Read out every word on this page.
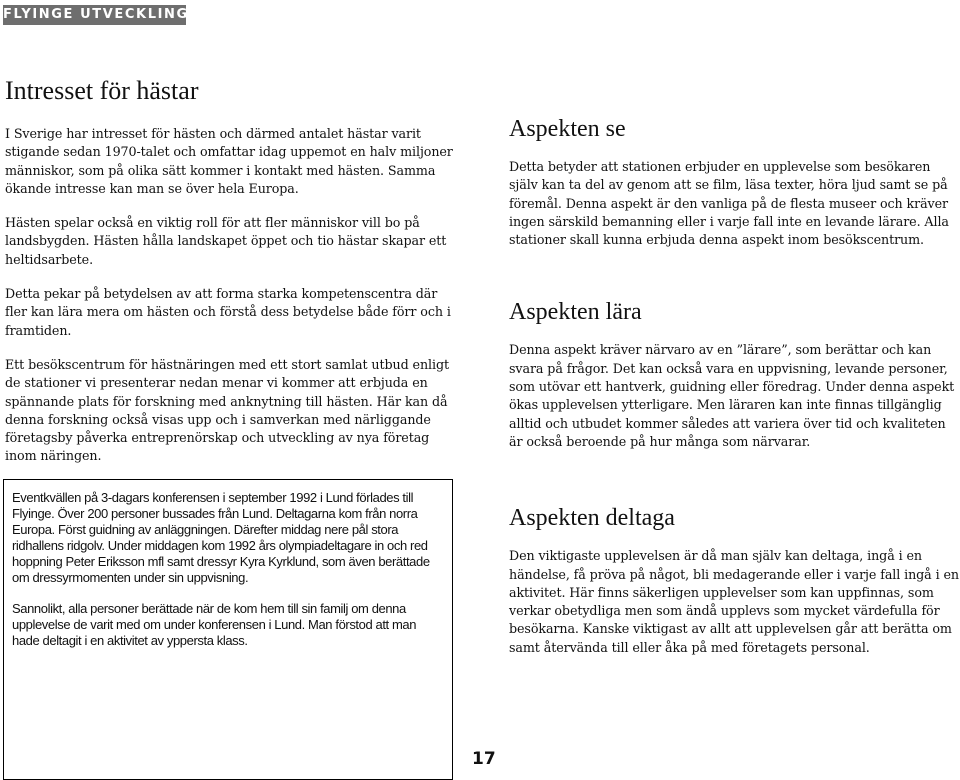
FLYINGE UTVECKLING
Intresset för hästar

I Sverige har intresset för hästen och därmed antalet hästar varit stigande sedan 1970-talet och omfattar idag uppemot en halv miljoner människor, som på olika sätt kommer i kontakt med hästen. Samma ökande intresse kan man se över hela Europa.

Hästen spelar också en viktig roll för att fler människor vill bo på landsbygden. Hästen hålla landskapet öppet och tio hästar skapar ett heltidsarbete.

Detta pekar på betydelsen av att forma starka kompetenscentra där fler kan lära mera om hästen och förstå dess betydelse både förr och i framtiden.

Ett besökscentrum för hästnäringen med ett stort samlat utbud enligt de stationer vi presenterar nedan menar vi kommer att erbjuda en spännande plats för forskning med anknytning till hästen. Här kan då denna forskning också visas upp och i samverkan med närliggande företagsby påverka entreprenörskap och utveckling av nya företag inom näringen.

Eventkvällen på 3-dagars konferensen i september 1992 i Lund förlades till Flyinge. Över 200 personer bussades från Lund. Deltagarna kom från norra Europa. Först guidning av anläggningen. Därefter middag nere pål stora ridhallens ridgolv. Under middagen kom 1992 års olympiadeltagare in och red hoppning Peter Eriksson mfl samt dressyr Kyra Kyrklund, som även berättade om dressyrmomenten under sin uppvisning.

Sannolikt, alla personer berättade när de kom hem till sin familj om denna upplevelse de varit med om under konferensen i Lund. Man förstod att man hade deltagit i en aktivitet av yppersta klass.

Aspekten se

Detta betyder att stationen erbjuder en upplevelse som besökaren själv kan ta del av genom att se film, läsa texter, höra ljud samt se på föremål. Denna aspekt är den vanliga på de flesta museer och kräver ingen särskild bemanning eller i varje fall inte en levande lärare. Alla stationer skall kunna erbjuda denna aspekt inom besökscentrum.

Aspekten lära

Denna aspekt kräver närvaro av en ”lärare”, som berättar och kan svara på frågor. Det kan också vara en uppvisning, levande personer, som utövar ett hantverk, guidning eller föredrag. Under denna aspekt ökas upplevelsen ytterligare. Men läraren kan inte finnas tillgänglig alltid och utbudet kommer således att variera över tid och kvaliteten är också beroende på hur många som närvarar.

Aspekten deltaga

Den viktigaste upplevelsen är då man själv kan deltaga, ingå i en händelse, få pröva på något, bli medagerande eller i varje fall ingå i en aktivitet. Här finns säkerligen upplevelser som kan uppfinnas, som verkar obetydliga men som ändå upplevs som mycket värdefulla för besökarna. Kanske viktigast av allt att upplevelsen går att berätta om samt återvända till eller åka på med företagets personal.

17
